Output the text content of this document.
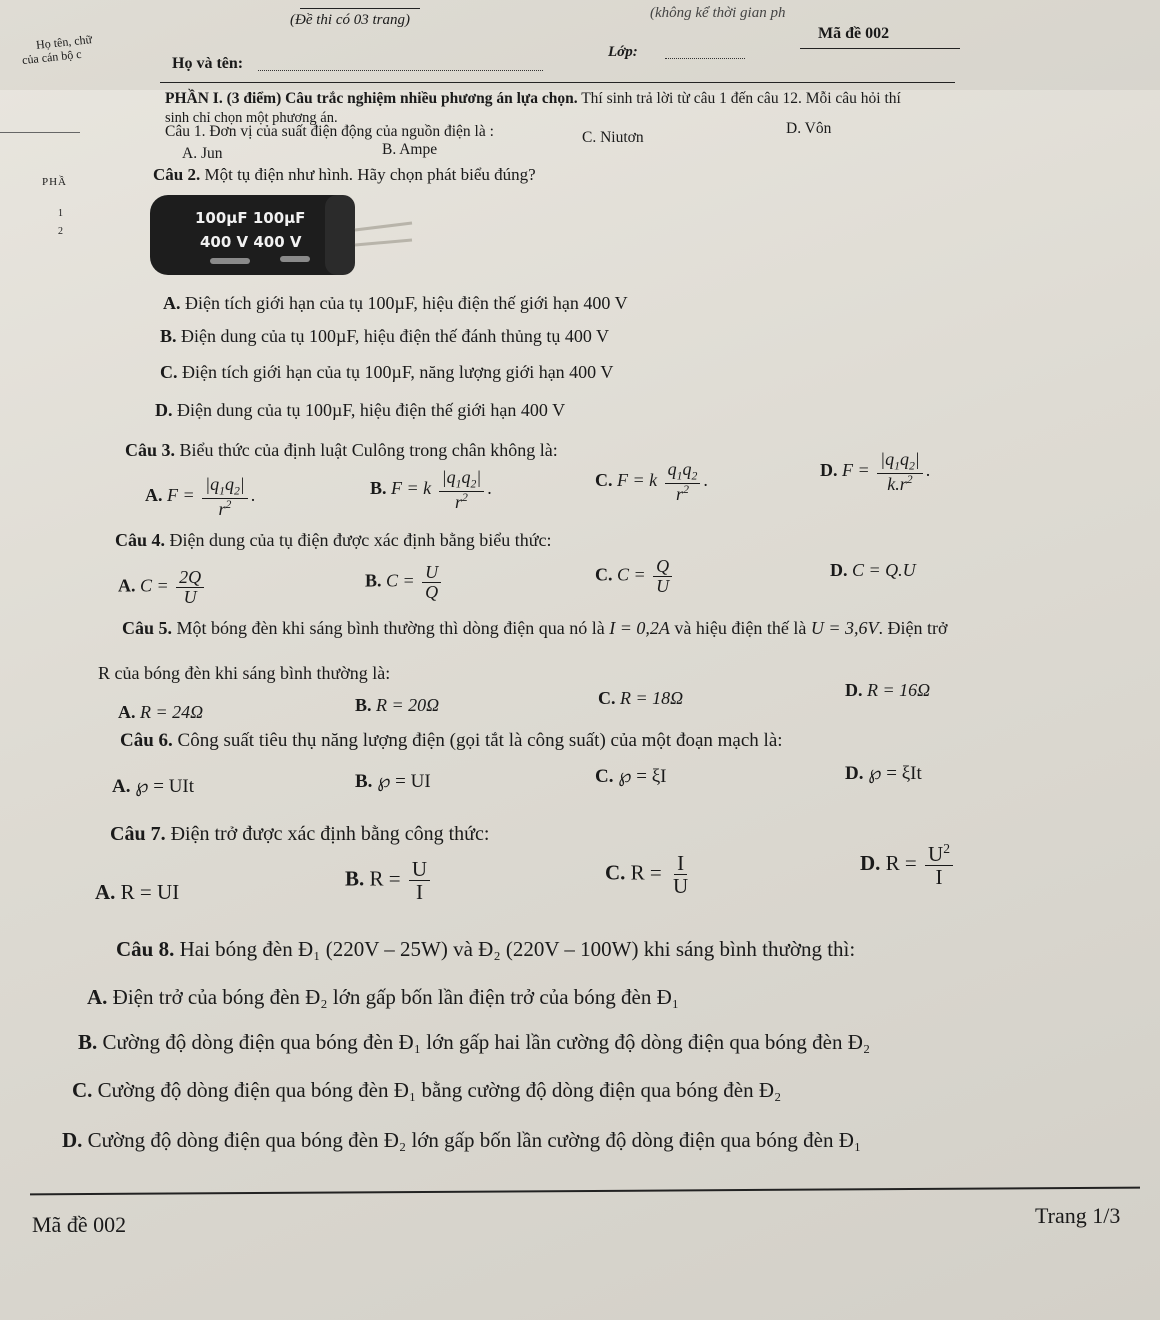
(Đề thi có 03 trang)	(không kể thời gian ph
Họ tên, chữ
của cán bộ c
Mã đề 002
Họ và tên:
Lớp:
PHẦN I. (3 điểm) Câu trắc nghiệm nhiều phương án lựa chọn. Thí sinh trả lời từ câu 1 đến câu 12. Mỗi câu hỏi thí
sinh chỉ chọn một phương án.
PHẦ
1
2
Câu 1. Đơn vị của suất điện động của nguồn điện là :
A. Jun	B. Ampe
C. Niutơn
D. Vôn
Câu 2. Một tụ điện như hình. Hãy chọn phát biểu đúng?
100µF 100µF
400 V 400 V
A. Điện tích giới hạn của tụ 100µF, hiệu điện thế giới hạn 400 V
B. Điện dung của tụ 100µF, hiệu điện thế đánh thủng tụ 400 V
C. Điện tích giới hạn của tụ 100µF, năng lượng giới hạn 400 V
D. Điện dung của tụ 100µF, hiệu điện thế giới hạn 400 V
Câu 3. Biểu thức của định luật Culông trong chân không là:
A. $F = \frac{|q_1q_2|}{r^2}$ .	B. F = k $\frac{|q_1q_2|}{r^2}$ .	C. F = k $\frac{q_1q_2}{r^2}$ .	D. $F = \frac{|q_1q_2|}{k.r^2}$ .
Câu 4. Điện dung của tụ điện được xác định bằng biểu thức:
A. $C = \frac{2Q}{U}$	B. $C = \frac{U}{Q}$	C. $C = \frac{Q}{U}$	D. C = Q.U
Câu 5. Một bóng đèn khi sáng bình thường thì dòng điện qua nó là I = 0,2A và hiệu điện thế là U = 3,6V. Điện trở
R của bóng đèn khi sáng bình thường là:
A. R = 24Ω	B. R = 20Ω	C. R = 18Ω	D. R = 16Ω
Câu 6. Công suất tiêu thụ năng lượng điện (gọi tắt là công suất) của một đoạn mạch là:
A. ℘ = UIt	B. ℘ = UI	C. ℘ = ξI	D. ℘ = ξIt
Câu 7. Điện trở được xác định bằng công thức:
A. R = UI
B. $R = \frac{U}{I}$	C. $R = \frac{I}{U}$	D. $R = \frac{U^2}{I}$
Câu 8. Hai bóng đèn Đ₁ (220V – 25W) và Đ₂ (220V – 100W) khi sáng bình thường thì:
A. Điện trở của bóng đèn Đ₂ lớn gấp bốn lần điện trở của bóng đèn Đ₁
B. Cường độ dòng điện qua bóng đèn Đ₁ lớn gấp hai lần cường độ dòng điện qua bóng đèn Đ₂
C. Cường độ dòng điện qua bóng đèn Đ₁ bằng cường độ dòng điện qua bóng đèn Đ₂
D. Cường độ dòng điện qua bóng đèn Đ₂ lớn gấp bốn lần cường độ dòng điện qua bóng đèn Đ₁
Mã đề 002	Trang 1/3
